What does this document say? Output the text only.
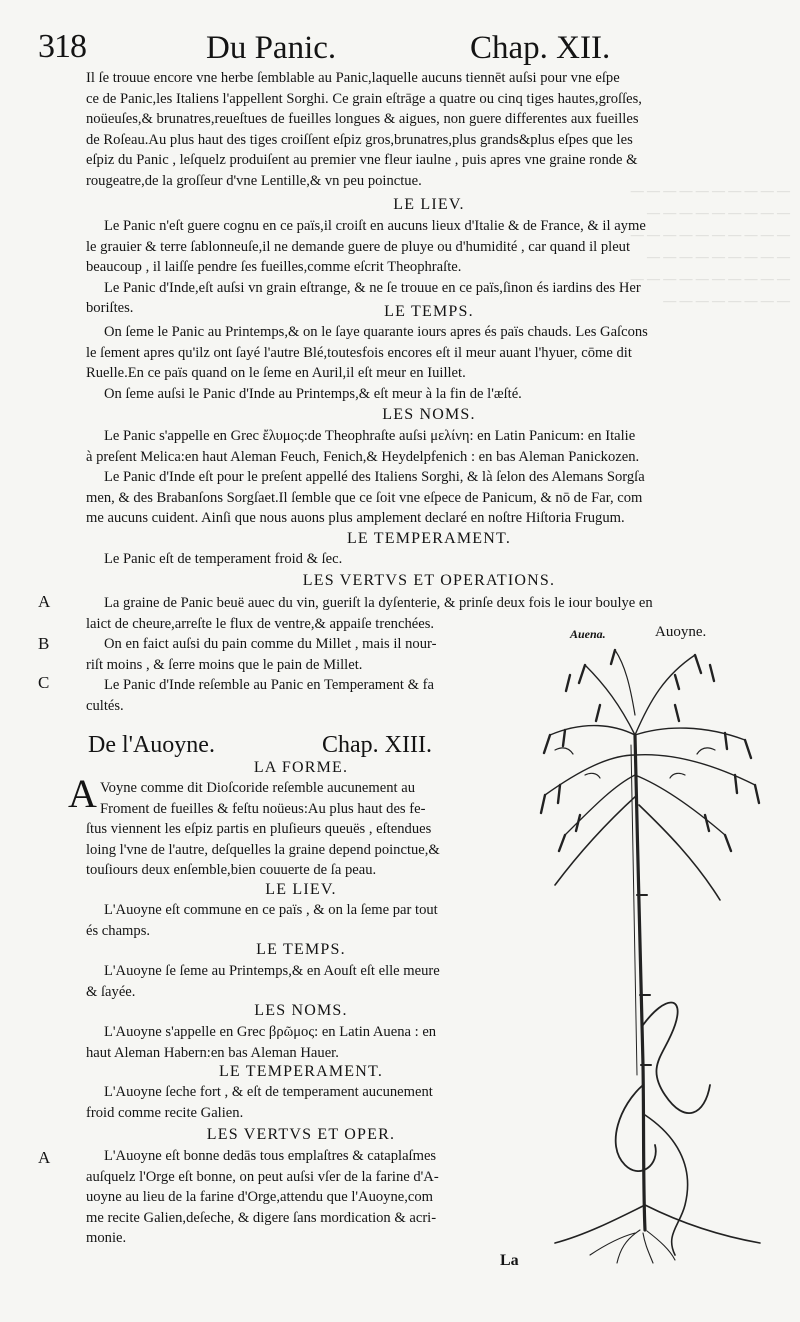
— — — — — — — — — —
— — — — — — — — —
— — — — — — — — — —
— — — — — — — — —
— — — — — — — — — —
— — — — — — — —
318	Du Panic.	Chap. XII.
Il ſe trouue encore vne herbe ſemblable au Panic,laquelle aucuns tiennēt auſsi pour vne eſpe
ce de Panic,les Italiens l'appellent Sorghi. Ce grain eſtrāge a quatre ou cinq tiges hautes,groſſes,
noüeuſes,& brunatres,reueſtues de fueilles longues & aigues, non guere differentes aux fueilles
de Roſeau.Au plus haut des tiges croiſſent eſpiz gros,brunatres,plus grands&plus eſpes que les
eſpiz du Panic , leſquelz produiſent au premier vne fleur iaulne , puis apres vne graine ronde &
rougeatre,de la groſſeur d'vne Lentille,& vn peu poinctue.
LE LIEV.
Le Panic n'eſt guere cognu en ce païs,il croiſt en aucuns lieux d'Italie & de France, & il ayme
le grauier & terre ſablonneuſe,il ne demande guere de pluye ou d'humidité , car quand il pleut
beaucoup , il laiſſe pendre ſes fueilles,comme eſcrit Theophraſte.
Le Panic d'Inde,eſt auſsi vn grain eſtrange, & ne ſe trouue en ce païs,ſinon és iardins des Her
boriſtes.	LE TEMPS.
On ſeme le Panic au Printemps,& on le ſaye quarante iours apres és païs chauds. Les Gaſcons
le ſement apres qu'ilz ont ſayé l'autre Blé,toutesfois encores eſt il meur auant l'hyuer, cōme dit
Ruelle.En ce païs quand on le ſeme en Auril,il eſt meur en Iuillet.
On ſeme auſsi le Panic d'Inde au Printemps,& eſt meur à la fin de l'æſté.
LES NOMS.
Le Panic s'appelle en Grec ἔλυμος:de Theophraſte auſsi μελίνη: en Latin Panicum: en Italie
à preſent Melica:en haut Aleman Feuch, Fenich,& Heydelpfenich : en bas Aleman Panickozen.
Le Panic d'Inde eſt pour le preſent appellé des Italiens Sorghi, & là ſelon des Alemans Sorgſa
men, & des Brabanſons Sorgſaet.Il ſemble que ce ſoit vne eſpece de Panicum, & nō de Far, com
me aucuns cuident. Ainſi que nous auons plus amplement declaré en noſtre Hiſtoria Frugum.
LE TEMPERAMENT.
Le Panic eſt de temperament froid & ſec.
LES VERTVS ET OPERATIONS.
A	La graine de Panic beuë auec du vin, gueriſt la dyſenterie, & prinſe deux fois le iour boulye en
laict de cheure,arreſte le flux de ventre,& appaiſe trenchées.
B	On en faict auſsi du pain comme du Millet , mais il nour-
riſt moins , & ſerre moins que le pain de Millet.
C	Le Panic d'Inde reſemble au Panic en Temperament & fa
cultés.
Auena.	Auoyne.
De l'Auoyne.	Chap. XIII.
LA FORME.
A Voyne comme dit Dioſcoride reſemble aucunement au
Froment de fueilles & feſtu noüeus:Au plus haut des fe-
ſtus viennent les eſpiz partis en pluſieurs queuës , eſtendues
loing l'vne de l'autre, deſquelles la graine depend poinctue,&
touſiours deux enſemble,bien couuerte de ſa peau.
LE LIEV.
L'Auoyne eſt commune en ce païs , & on la ſeme par tout
és champs.
LE TEMPS.
L'Auoyne ſe ſeme au Printemps,& en Aouſt eſt elle meure
& ſayée.
LES NOMS.
L'Auoyne s'appelle en Grec βρῶμος: en Latin Auena : en
haut Aleman Habern:en bas Aleman Hauer.
LE TEMPERAMENT.
L'Auoyne ſeche fort , & eſt de temperament aucunement
froid comme recite Galien.
LES VERTVS ET OPER.
A	L'Auoyne eſt bonne dedās tous emplaſtres & cataplaſmes
auſquelz l'Orge eſt bonne, on peut auſsi vſer de la farine d'A-
uoyne au lieu de la farine d'Orge,attendu que l'Auoyne,com
me recite Galien,deſeche, & digere ſans mordication & acri-
monie.
La
